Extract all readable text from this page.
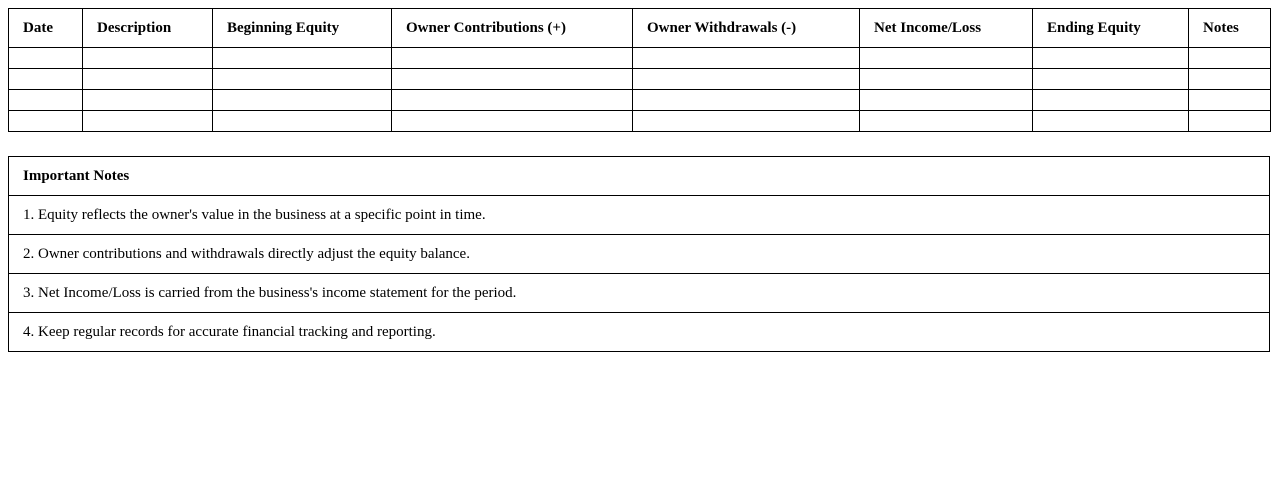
Date	Description	Beginning Equity	Owner Contributions (+)	Owner Withdrawals (-)	Net Income/Loss	Ending Equity	Notes

Important Notes
1. Equity reflects the owner's value in the business at a specific point in time.
2. Owner contributions and withdrawals directly adjust the equity balance.
3. Net Income/Loss is carried from the business's income statement for the period.
4. Keep regular records for accurate financial tracking and reporting.
